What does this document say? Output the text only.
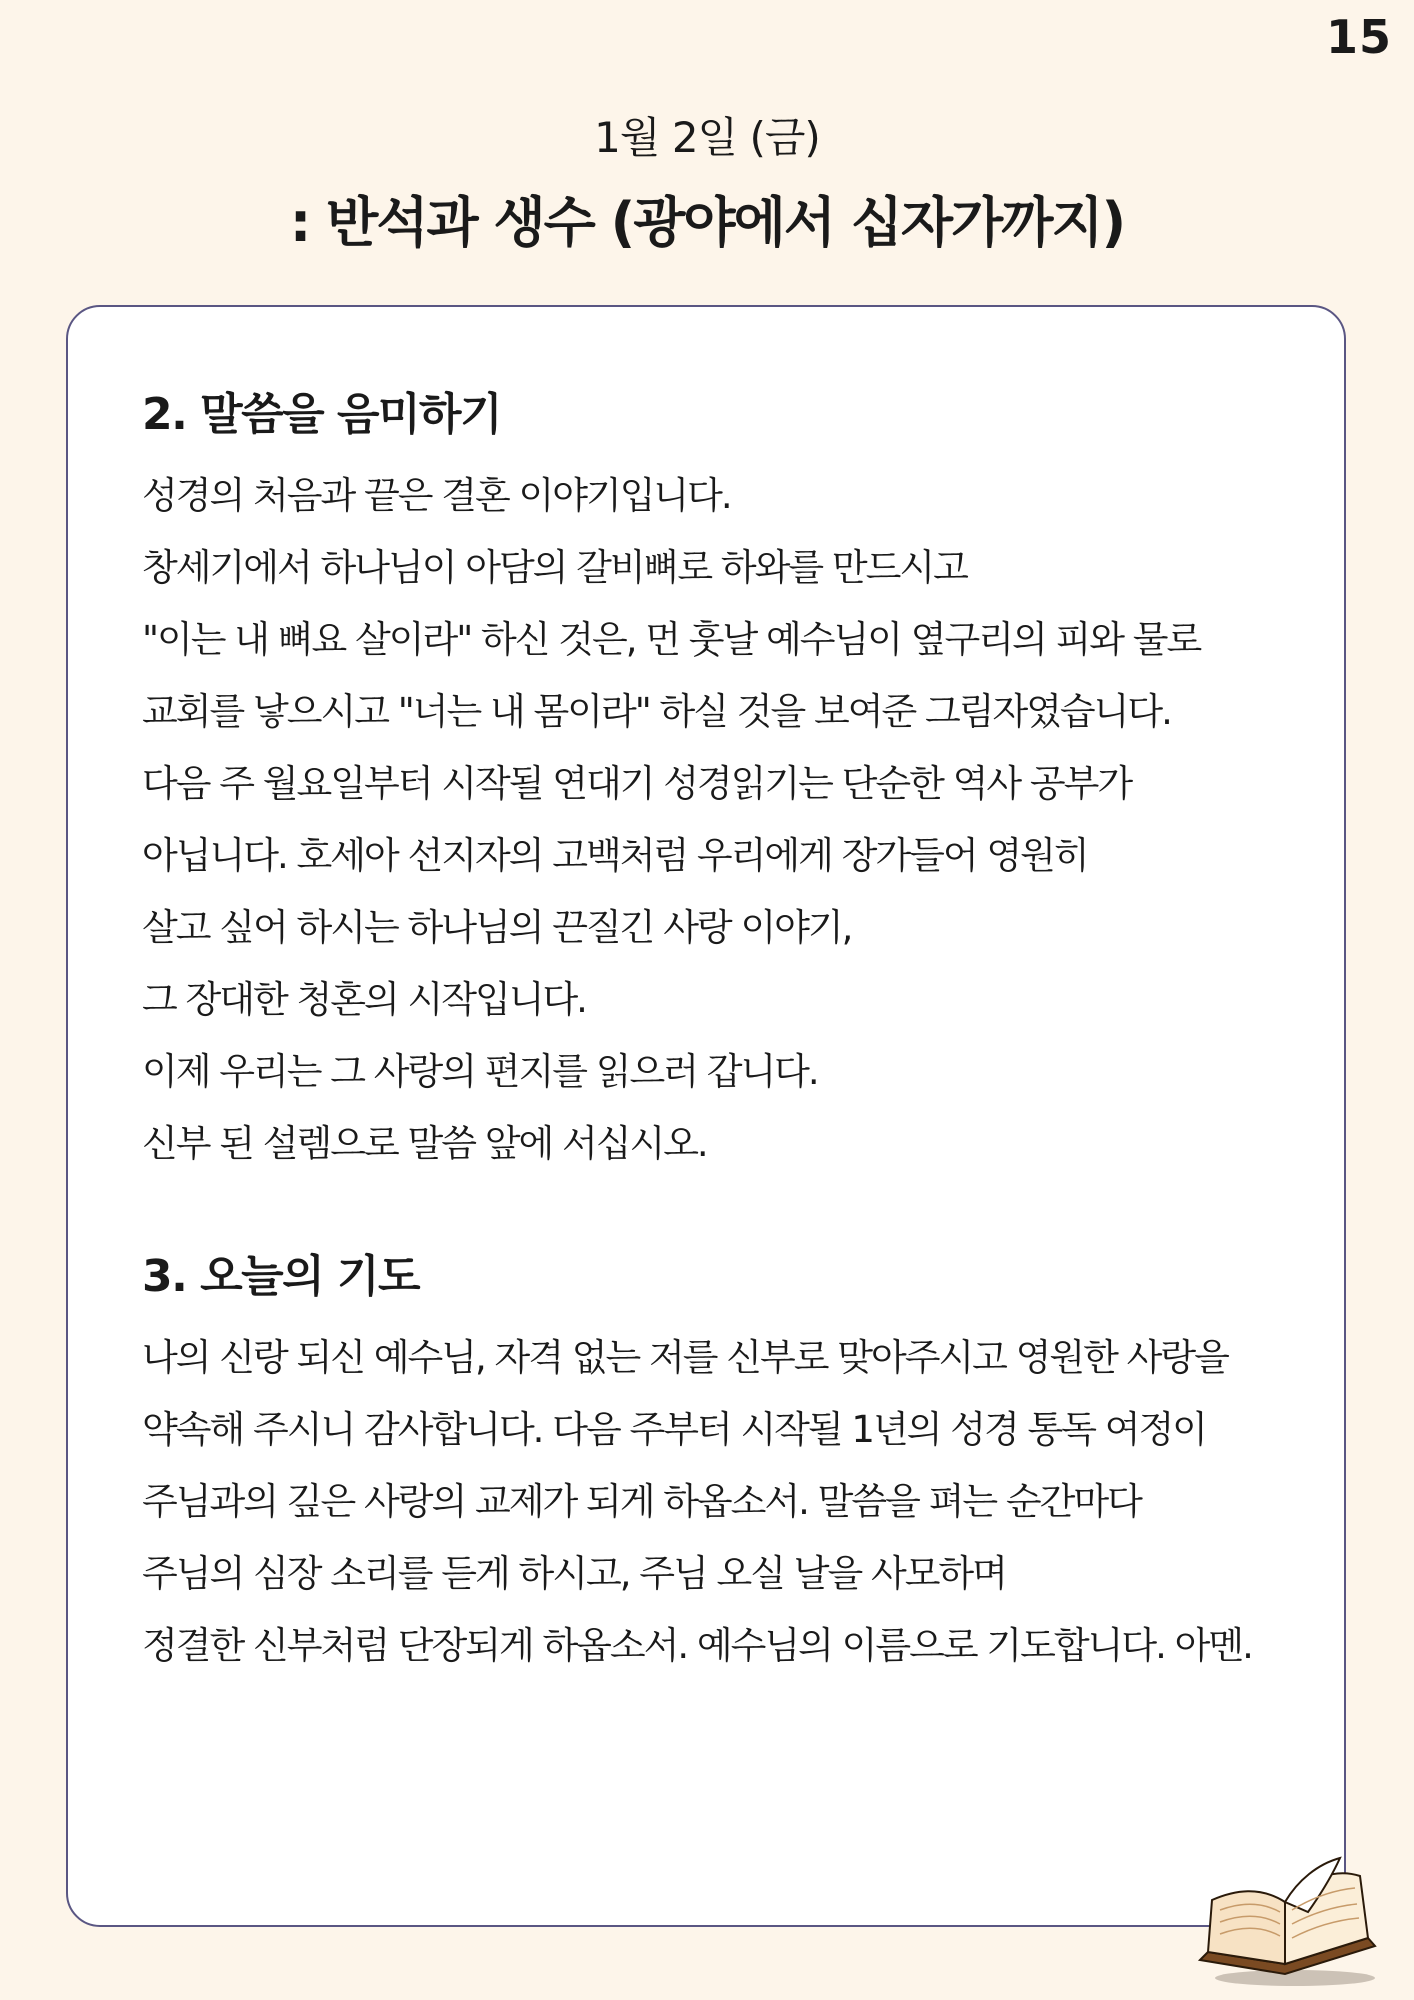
15
1월 2일 (금)
: 반석과 생수 (광야에서 십자가까지)
2. 말씀을 음미하기
성경의 처음과 끝은 결혼 이야기입니다.
창세기에서 하나님이 아담의 갈비뼈로 하와를 만드시고
"이는 내 뼈요 살이라" 하신 것은, 먼 훗날 예수님이 옆구리의 피와 물로
교회를 낳으시고 "너는 내 몸이라" 하실 것을 보여준 그림자였습니다.
다음 주 월요일부터 시작될 연대기 성경읽기는 단순한 역사 공부가
아닙니다. 호세아 선지자의 고백처럼 우리에게 장가들어 영원히
살고 싶어 하시는 하나님의 끈질긴 사랑 이야기,
그 장대한 청혼의 시작입니다.
이제 우리는 그 사랑의 편지를 읽으러 갑니다.
신부 된 설렘으로 말씀 앞에 서십시오.
3. 오늘의 기도
나의 신랑 되신 예수님, 자격 없는 저를 신부로 맞아주시고 영원한 사랑을
약속해 주시니 감사합니다. 다음 주부터 시작될 1년의 성경 통독 여정이
주님과의 깊은 사랑의 교제가 되게 하옵소서. 말씀을 펴는 순간마다
주님의 심장 소리를 듣게 하시고, 주님 오실 날을 사모하며
정결한 신부처럼 단장되게 하옵소서. 예수님의 이름으로 기도합니다. 아멘.
